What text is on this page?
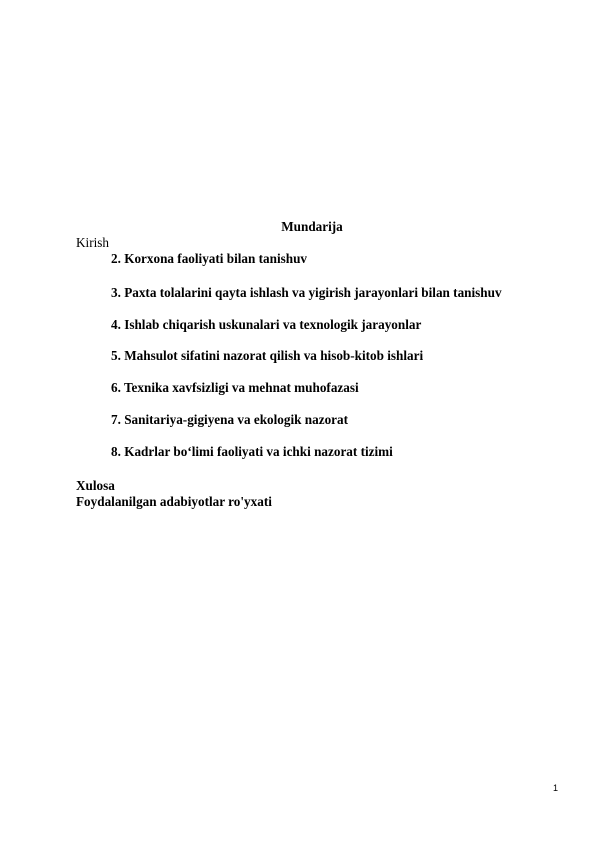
Mundarija
Kirish
2. Korxona faoliyati bilan tanishuv
3. Paxta tolalarini qayta ishlash va yigirish jarayonlari bilan tanishuv
4. Ishlab chiqarish uskunalari va texnologik jarayonlar
5. Mahsulot sifatini nazorat qilish va hisob-kitob ishlari
6. Texnika xavfsizligi va mehnat muhofazasi
7. Sanitariya-gigiyena va ekologik nazorat
8. Kadrlar bo‘limi faoliyati va ichki nazorat tizimi
Xulosa
Foydalanilgan adabiyotlar ro'yxati
1
